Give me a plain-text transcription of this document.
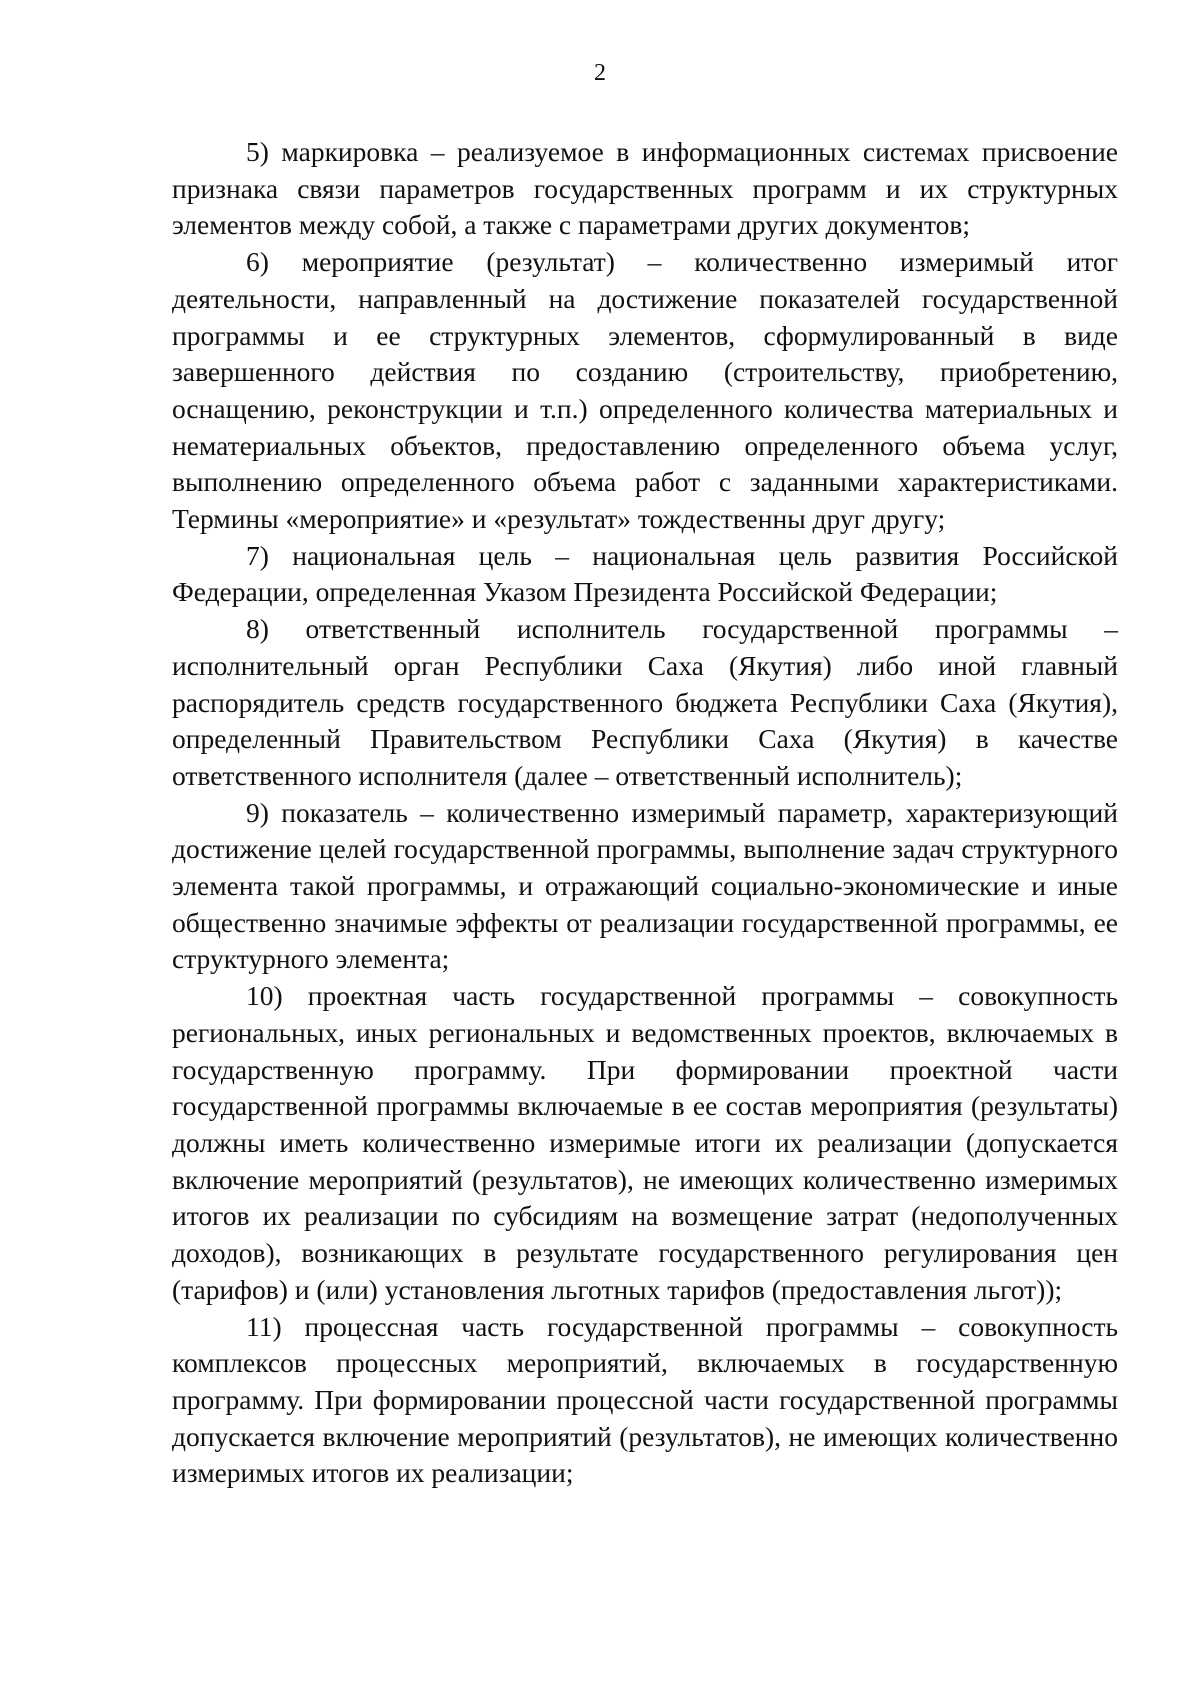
2

5) маркировка – реализуемое в информационных системах присвоение признака связи параметров государственных программ и их структурных элементов между собой, а также с параметрами других документов;

6) мероприятие (результат) – количественно измеримый итог деятельности, направленный на достижение показателей государственной программы и ее структурных элементов, сформулированный в виде завершенного действия по созданию (строительству, приобретению, оснащению, реконструкции и т.п.) определенного количества материальных и нематериальных объектов, предоставлению определенного объема услуг, выполнению определенного объема работ с заданными характеристиками. Термины «мероприятие» и «результат» тождественны друг другу;

7) национальная цель – национальная цель развития Российской Федерации, определенная Указом Президента Российской Федерации;

8) ответственный исполнитель государственной программы – исполнительный орган Республики Саха (Якутия) либо иной главный распорядитель средств государственного бюджета Республики Саха (Якутия), определенный Правительством Республики Саха (Якутия) в качестве ответственного исполнителя (далее – ответственный исполнитель);

9) показатель – количественно измеримый параметр, характеризующий достижение целей государственной программы, выполнение задач структурного элемента такой программы, и отражающий социально-экономические и иные общественно значимые эффекты от реализации государственной программы, ее структурного элемента;

10) проектная часть государственной программы – совокупность региональных, иных региональных и ведомственных проектов, включаемых в государственную программу. При формировании проектной части государственной программы включаемые в ее состав мероприятия (результаты) должны иметь количественно измеримые итоги их реализации (допускается включение мероприятий (результатов), не имеющих количественно измеримых итогов их реализации по субсидиям на возмещение затрат (недополученных доходов), возникающих в результате государственного регулирования цен (тарифов) и (или) установления льготных тарифов (предоставления льгот));

11) процессная часть государственной программы – совокупность комплексов процессных мероприятий, включаемых в государственную программу. При формировании процессной части государственной программы допускается включение мероприятий (результатов), не имеющих количественно измеримых итогов их реализации;
